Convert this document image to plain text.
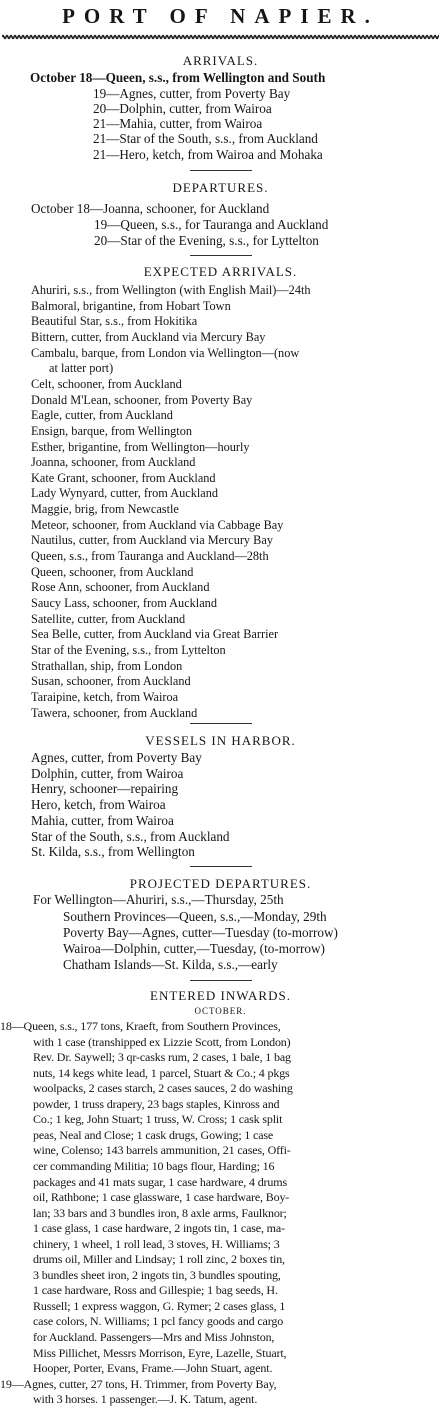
PORT OF NAPIER.
ARRIVALS.
October 18—Queen, s.s., from Wellington and South
19—Agnes, cutter, from Poverty Bay
20—Dolphin, cutter, from Wairoa
21—Mahia, cutter, from Wairoa
21—Star of the South, s.s., from Auckland
21—Hero, ketch, from Wairoa and Mohaka
DEPARTURES.
October 18—Joanna, schooner, for Auckland
19—Queen, s.s., for Tauranga and Auckland
20—Star of the Evening, s.s., for Lyttelton
EXPECTED ARRIVALS.
Ahuriri, s.s., from Wellington (with English Mail)—24th
Balmoral, brigantine, from Hobart Town
Beautiful Star, s.s., from Hokitika
Bittern, cutter, from Auckland via Mercury Bay
Cambalu, barque, from London via Wellington—(now
at latter port)
Celt, schooner, from Auckland
Donald M'Lean, schooner, from Poverty Bay
Eagle, cutter, from Auckland
Ensign, barque, from Wellington
Esther, brigantine, from Wellington—hourly
Joanna, schooner, from Auckland
Kate Grant, schooner, from Auckland
Lady Wynyard, cutter, from Auckland
Maggie, brig, from Newcastle
Meteor, schooner, from Auckland via Cabbage Bay
Nautilus, cutter, from Auckland via Mercury Bay
Queen, s.s., from Tauranga and Auckland—28th
Queen, schooner, from Auckland
Rose Ann, schooner, from Auckland
Saucy Lass, schooner, from Auckland
Satellite, cutter, from Auckland
Sea Belle, cutter, from Auckland via Great Barrier
Star of the Evening, s.s., from Lyttelton
Strathallan, ship, from London
Susan, schooner, from Auckland
Taraipine, ketch, from Wairoa
Tawera, schooner, from Auckland
VESSELS IN HARBOR.
Agnes, cutter, from Poverty Bay
Dolphin, cutter, from Wairoa
Henry, schooner—repairing
Hero, ketch, from Wairoa
Mahia, cutter, from Wairoa
Star of the South, s.s., from Auckland
St. Kilda, s.s., from Wellington
PROJECTED DEPARTURES.
For Wellington—Ahuriri, s.s.,—Thursday, 25th
Southern Provinces—Queen, s.s.,—Monday, 29th
Poverty Bay—Agnes, cutter—Tuesday (to-morrow)
Wairoa—Dolphin, cutter,—Tuesday, (to-morrow)
Chatham Islands—St. Kilda, s.s.,—early
ENTERED INWARDS.
OCTOBER.
18—Queen, s.s., 177 tons, Kraeft, from Southern Provinces,
with 1 case (transhipped ex Lizzie Scott, from London)
Rev. Dr. Saywell; 3 qr-casks rum, 2 cases, 1 bale, 1 bag
nuts, 14 kegs white lead, 1 parcel, Stuart & Co.; 4 pkgs
woolpacks, 2 cases starch, 2 cases sauces, 2 do washing
powder, 1 truss drapery, 23 bags staples, Kinross and
Co.; 1 keg, John Stuart; 1 truss, W. Cross; 1 cask split
peas, Neal and Close; 1 cask drugs, Gowing; 1 case
wine, Colenso; 143 barrels ammunition, 21 cases, Offi-
cer commanding Militia; 10 bags flour, Harding; 16
packages and 41 mats sugar, 1 case hardware, 4 drums
oil, Rathbone; 1 case glassware, 1 case hardware, Boy-
lan; 33 bars and 3 bundles iron, 8 axle arms, Faulknor;
1 case glass, 1 case hardware, 2 ingots tin, 1 case, ma-
chinery, 1 wheel, 1 roll lead, 3 stoves, H. Williams; 3
drums oil, Miller and Lindsay; 1 roll zinc, 2 boxes tin,
3 bundles sheet iron, 2 ingots tin, 3 bundles spouting,
1 case hardware, Ross and Gillespie; 1 bag seeds, H.
Russell; 1 express waggon, G. Rymer; 2 cases glass, 1
case colors, N. Williams; 1 pcl fancy goods and cargo
for Auckland. Passengers—Mrs and Miss Johnston,
Miss Pillichet, Messrs Morrison, Eyre, Lazelle, Stuart,
Hooper, Porter, Evans, Frame.—John Stuart, agent.
19—Agnes, cutter, 27 tons, H. Trimmer, from Poverty Bay,
with 3 horses. 1 passenger.—J. K. Tatum, agent.
